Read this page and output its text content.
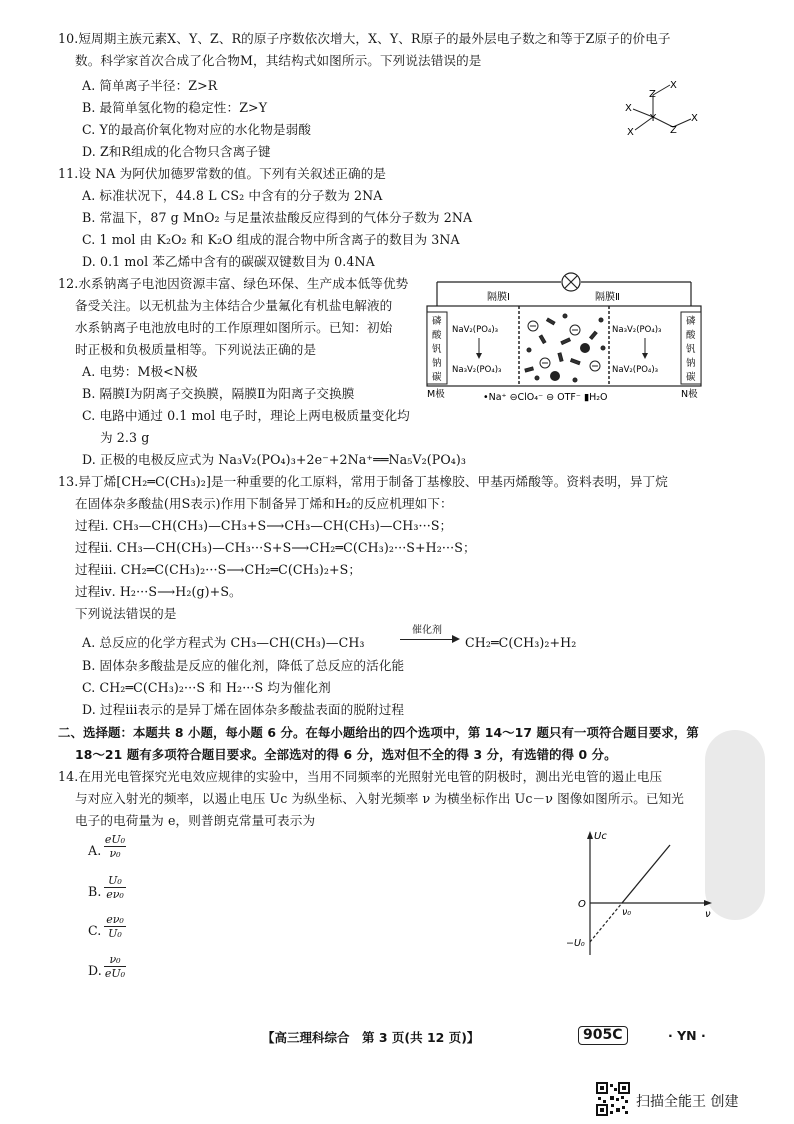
10.短周期主族元素X、Y、Z、R的原子序数依次增大，X、Y、R原子的最外层电子数之和等于Z原子的价电子
数。科学家首次合成了化合物M，其结构式如图所示。下列说法错误的是
A. 简单离子半径：Z>R
B. 最简单氢化物的稳定性：Z>Y
C. Y的最高价氧化物对应的水化物是弱酸
D. Z和R组成的化合物只含离子键
X
Z
X
Y
X	Z
X
11.设 NA 为阿伏加德罗常数的值。下列有关叙述正确的是
A. 标准状况下，44.8 L CS₂ 中含有的分子数为 2NA
B. 常温下，87 g MnO₂ 与足量浓盐酸反应得到的气体分子数为 2NA
C. 1 mol 由 K₂O₂ 和 K₂O 组成的混合物中所含离子的数目为 3NA
D. 0.1 mol 苯乙烯中含有的碳碳双键数目为 0.4NA
12.水系钠离子电池因资源丰富、绿色环保、生产成本低等优势
备受关注。以无机盐为主体结合少量氟化有机盐电解液的
水系钠离子电池放电时的工作原理如图所示。已知：初始
时正极和负极质量相等。下列说法正确的是
A. 电势：M极<N极
B. 隔膜Ⅰ为阴离子交换膜，隔膜Ⅱ为阳离子交换膜
C. 电路中通过 0.1 mol 电子时，理论上两电极质量变化均
为 2.3 g
D. 正极的电极反应式为 Na₃V₂(PO₄)₃+2e⁻+2Na⁺══Na₅V₂(PO₄)₃
隔膜Ⅰ	隔膜Ⅱ
磷
酸
钒
钠
碳
磷
酸
钒
钠
碳
NaV₂(PO₄)₃
Na₃V₂(PO₄)₃
Na₃V₂(PO₄)₃
NaV₂(PO₄)₃
M极	N极
•Na⁺ ⊖ClO₄⁻ ⊖ OTF⁻ ▮H₂O
13.异丁烯[CH₂═C(CH₃)₂]是一种重要的化工原料，常用于制备丁基橡胶、甲基丙烯酸等。资料表明，异丁烷
在固体杂多酸盐(用S表示)作用下制备异丁烯和H₂的反应机理如下：
过程ⅰ. CH₃—CH(CH₃)—CH₃+S⟶CH₃—CH(CH₃)—CH₃···S；
过程ⅱ. CH₃—CH(CH₃)—CH₃···S+S⟶CH₂═C(CH₃)₂···S+H₂···S；
过程ⅲ. CH₂═C(CH₃)₂···S⟶CH₂═C(CH₃)₂+S；
过程ⅳ. H₂···S⟶H₂(g)+S。
下列说法错误的是
A. 总反应的化学方程式为 CH₃—CH(CH₃)—CH₃
催化剂
CH₂═C(CH₃)₂+H₂
B. 固体杂多酸盐是反应的催化剂，降低了总反应的活化能
C. CH₂═C(CH₃)₂···S 和 H₂···S 均为催化剂
D. 过程ⅲ表示的是异丁烯在固体杂多酸盐表面的脱附过程
二、选择题：本题共 8 小题，每小题 6 分。在每小题给出的四个选项中，第 14～17 题只有一项符合题目要求，第
18～21 题有多项符合题目要求。全部选对的得 6 分，选对但不全的得 3 分，有选错的得 0 分。
14.在用光电管探究光电效应规律的实验中，当用不同频率的光照射光电管的阴极时，测出光电管的遏止电压
与对应入射光的频率，以遏止电压 Uc 为纵坐标、入射光频率 ν 为横坐标作出 Uc－ν 图像如图所示。已知光
电子的电荷量为 e，则普朗克常量可表示为
A. $\frac{\text{eU₀}}{\text{ν₀}}$
B. $\frac{\text{U₀}}{\text{eν₀}}$
C. $\frac{\text{eν₀}}{\text{U₀}}$
D. $\frac{\text{ν₀}}{\text{eU₀}}$
Uc
ν
O
ν₀
−U₀
【高三理科综合　第 3 页(共 12 页)】	905C	· YN ·
扫描全能王 创建
